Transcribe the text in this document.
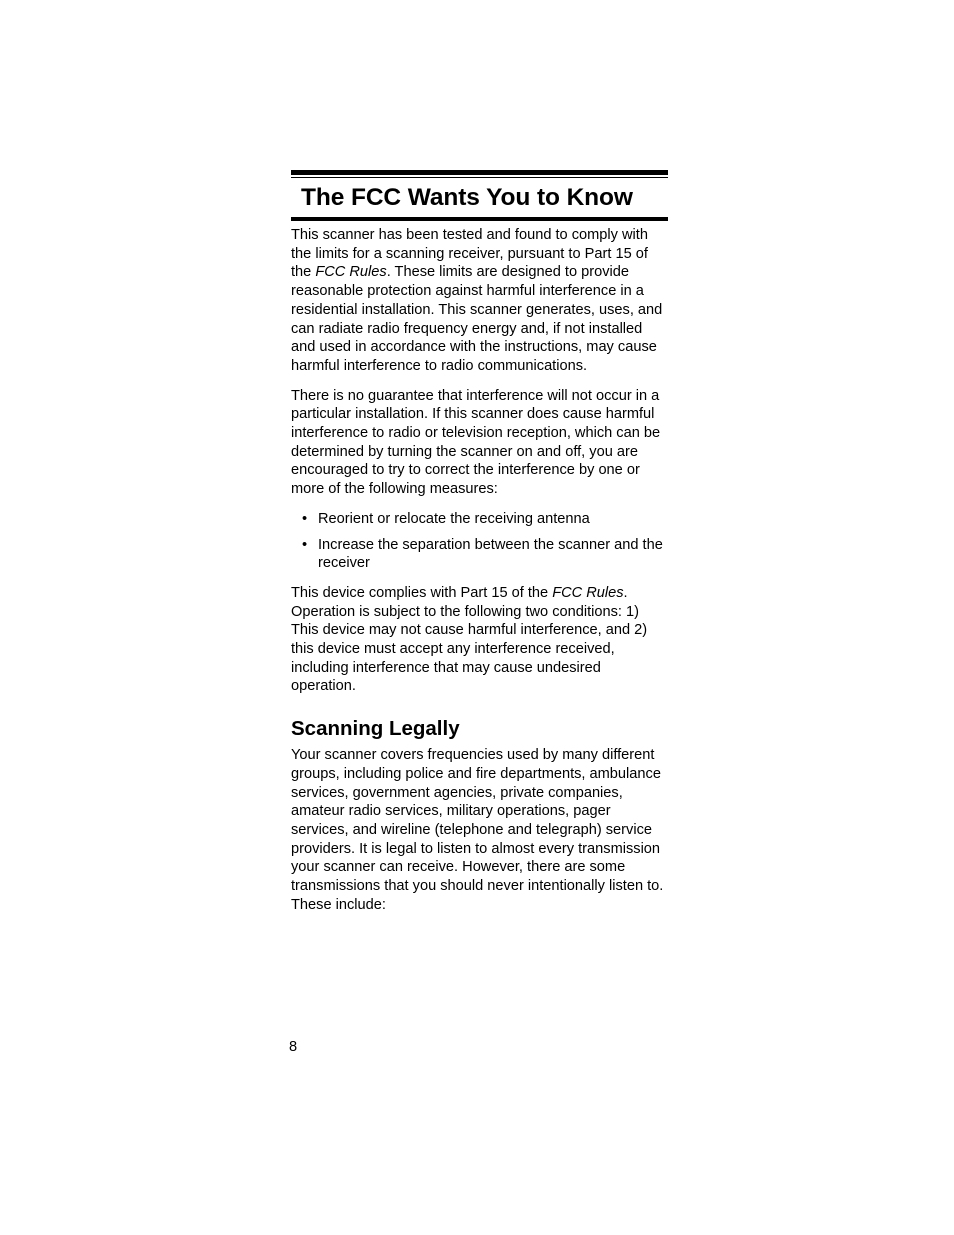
The FCC Wants You to Know

This scanner has been tested and found to comply with the limits for a scanning receiver, pursuant to Part 15 of the FCC Rules. These limits are designed to provide reasonable protection against harmful interference in a residential installation. This scanner generates, uses, and can radiate radio frequency energy and, if not installed and used in accordance with the instructions, may cause harmful interference to radio communications.

There is no guarantee that interference will not occur in a particular installation. If this scanner does cause harmful interference to radio or television reception, which can be determined by turning the scanner on and off, you are encouraged to try to correct the interference by one or more of the following measures:

• Reorient or relocate the receiving antenna
• Increase the separation between the scanner and the receiver

This device complies with Part 15 of the FCC Rules. Operation is subject to the following two conditions: 1) This device may not cause harmful interference, and 2) this device must accept any interference received, including interference that may cause undesired operation.

Scanning Legally

Your scanner covers frequencies used by many different groups, including police and fire departments, ambulance services, government agencies, private companies, amateur radio services, military operations, pager services, and wireline (telephone and telegraph) service providers. It is legal to listen to almost every transmission your scanner can receive. However, there are some transmissions that you should never intentionally listen to. These include:

8
